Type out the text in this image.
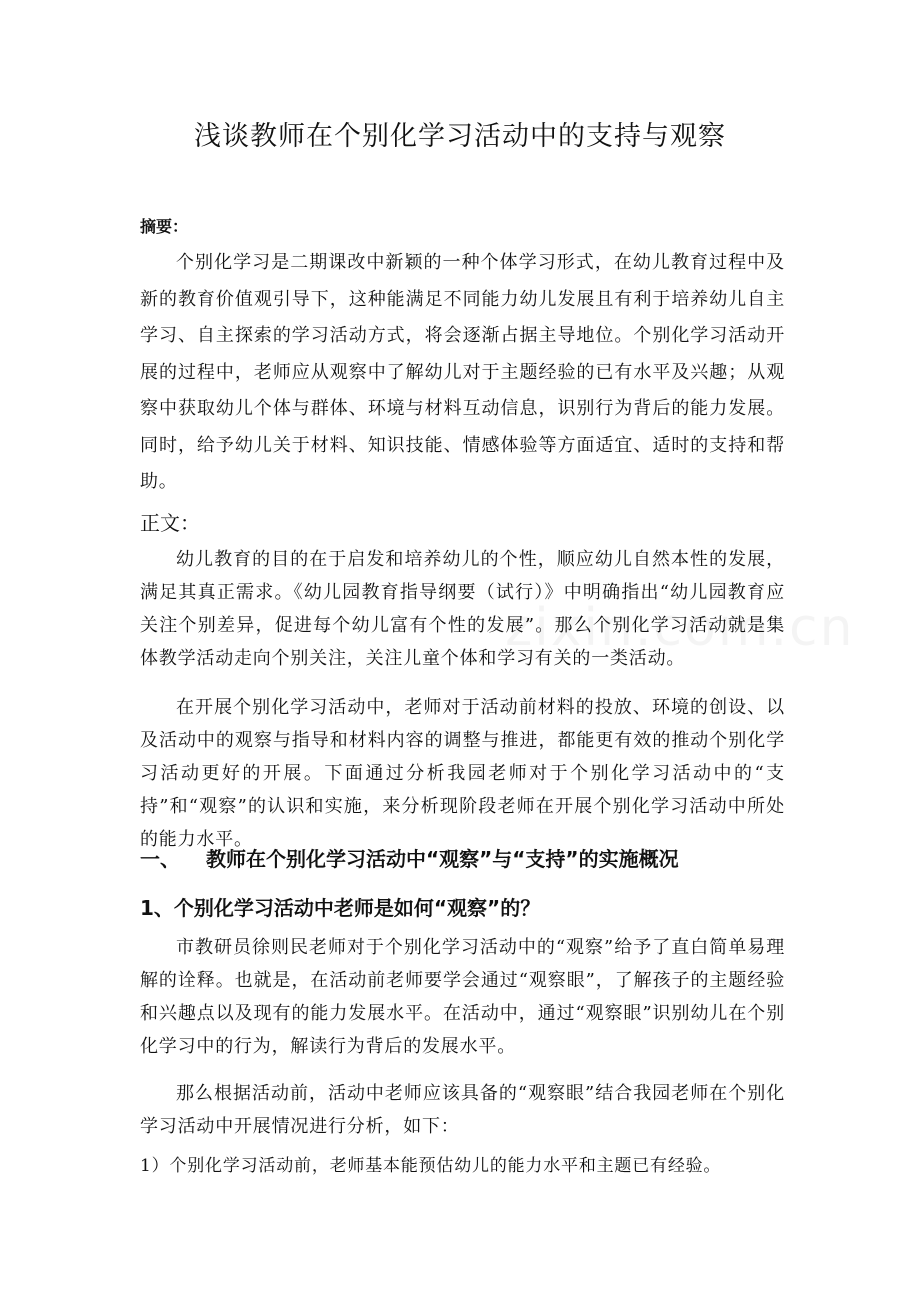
浅谈教师在个别化学习活动中的支持与观察
摘要：

个别化学习是二期课改中新颖的一种个体学习形式，在幼儿教育过程中及新的教育价值观引导下，这种能满足不同能力幼儿发展且有利于培养幼儿自主学习、自主探索的学习活动方式，将会逐渐占据主导地位。个别化学习活动开展的过程中，老师应从观察中了解幼儿对于主题经验的已有水平及兴趣；从观察中获取幼儿个体与群体、环境与材料互动信息，识别行为背后的能力发展。同时，给予幼儿关于材料、知识技能、情感体验等方面适宜、适时的支持和帮助。

正文：

幼儿教育的目的在于启发和培养幼儿的个性，顺应幼儿自然本性的发展，满足其真正需求。《幼儿园教育指导纲要（试行）》中明确指出“幼儿园教育应关注个别差异，促进每个幼儿富有个性的发展”。那么个别化学习活动就是集体教学活动走向个别关注，关注儿童个体和学习有关的一类活动。

在开展个别化学习活动中，老师对于活动前材料的投放、环境的创设、以及活动中的观察与指导和材料内容的调整与推进，都能更有效的推动个别化学习活动更好的开展。下面通过分析我园老师对于个别化学习活动中的“支持”和“观察”的认识和实施，来分析现阶段老师在开展个别化学习活动中所处的能力水平。

一、 教师在个别化学习活动中“观察”与“支持”的实施概况
1、个别化学习活动中老师是如何“观察”的？

市教研员徐则民老师对于个别化学习活动中的“观察”给予了直白简单易理解的诠释。也就是，在活动前老师要学会通过“观察眼”，了解孩子的主题经验和兴趣点以及现有的能力发展水平。在活动中，通过“观察眼”识别幼儿在个别化学习中的行为，解读行为背后的发展水平。

那么根据活动前，活动中老师应该具备的“观察眼”结合我园老师在个别化学习活动中开展情况进行分析，如下：

1）个别化学习活动前，老师基本能预估幼儿的能力水平和主题已有经验。
